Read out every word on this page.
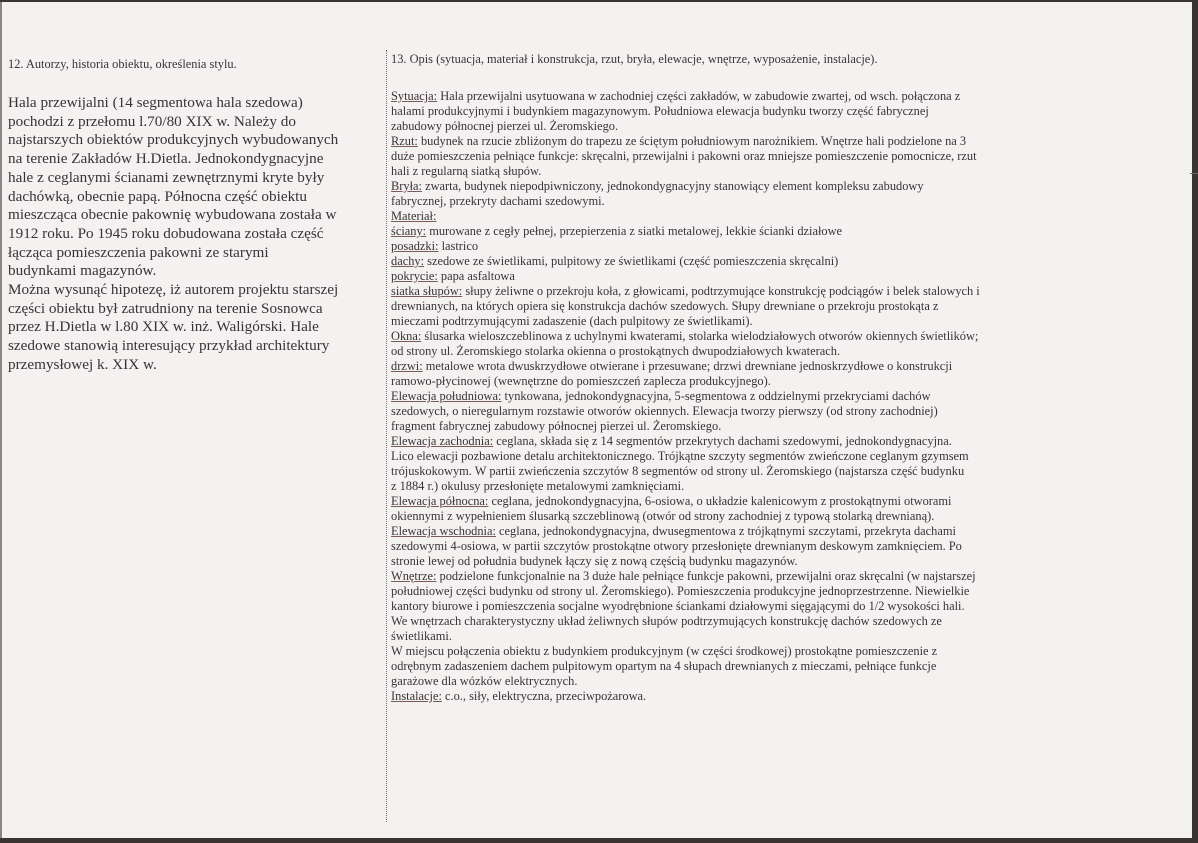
12. Autorzy, historia obiektu, określenia stylu.

Hala przewijalni (14 segmentowa hala szedowa)

pochodzi z przełomu l.70/80 XIX w. Należy do

najstarszych obiektów produkcyjnych wybudowanych

na terenie Zakładów H.Dietla. Jednokondygnacyjne

hale z ceglanymi ścianami zewnętrznymi kryte były

dachówką, obecnie papą. Północna część obiektu

mieszcząca obecnie pakownię wybudowana została w

1912 roku. Po 1945 roku dobudowana została część

łącząca pomieszczenia pakowni ze starymi

budynkami magazynów.

Można wysunąć hipotezę, iż autorem projektu starszej

części obiektu był zatrudniony na terenie Sosnowca

przez H.Dietla w l.80 XIX w. inż. Waligórski. Hale

szedowe stanowią interesujący przykład architektury

przemysłowej k. XIX w.

13. Opis (sytuacja, materiał i konstrukcja, rzut, bryła, elewacje, wnętrze, wyposażenie, instalacje).
Sytuacja: Hala przewijalni usytuowana w zachodniej części zakładów, w zabudowie zwartej, od wsch. połączona z
halami produkcyjnymi i budynkiem magazynowym. Południowa elewacja budynku tworzy część fabrycznej
zabudowy północnej pierzei ul. Żeromskiego.
Rzut: budynek na rzucie zbliżonym do trapezu ze ściętym południowym narożnikiem. Wnętrze hali podzielone na 3
duże pomieszczenia pełniące funkcje: skręcalni, przewijalni i pakowni oraz mniejsze pomieszczenie pomocnicze, rzut
hali z regularną siatką słupów.
Bryła: zwarta, budynek niepodpiwniczony, jednokondygnacyjny stanowiący element kompleksu zabudowy
fabrycznej, przekryty dachami szedowymi.
Materiał:
ściany: murowane z cegły pełnej, przepierzenia z siatki metalowej, lekkie ścianki działowe
posadzki: lastrico
dachy: szedowe ze świetlikami, pulpitowy ze świetlikami (część pomieszczenia skręcalni)
pokrycie: papa asfaltowa
siatka słupów: słupy żeliwne o przekroju koła, z głowicami, podtrzymujące konstrukcję podciągów i belek stalowych i
drewnianych, na których opiera się konstrukcja dachów szedowych. Słupy drewniane o przekroju prostokąta z
mieczami podtrzymującymi zadaszenie (dach pulpitowy ze świetlikami).
Okna: ślusarka wieloszczeblinowa z uchylnymi kwaterami, stolarka wielodziałowych otworów okiennych świetlików;
od strony ul. Żeromskiego stolarka okienna o prostokątnych dwupodziałowych kwaterach.
drzwi: metalowe wrota dwuskrzydłowe otwierane i przesuwane; drzwi drewniane jednoskrzydłowe o konstrukcji
ramowo-płycinowej (wewnętrzne do pomieszczeń zaplecza produkcyjnego).
Elewacja południowa: tynkowana, jednokondygnacyjna, 5-segmentowa z oddzielnymi przekryciami dachów
szedowych, o nieregularnym rozstawie otworów okiennych. Elewacja tworzy pierwszy (od strony zachodniej)
fragment fabrycznej zabudowy północnej pierzei ul. Żeromskiego.
Elewacja zachodnia: ceglana, składa się z 14 segmentów przekrytych dachami szedowymi, jednokondygnacyjna.
Lico elewacji pozbawione detalu architektonicznego. Trójkątne szczyty segmentów zwieńczone ceglanym gzymsem
trójuskokowym. W partii zwieńczenia szczytów 8 segmentów od strony ul. Żeromskiego (najstarsza część budynku
z 1884 r.) okulusy przesłonięte metalowymi zamknięciami.
Elewacja północna: ceglana, jednokondygnacyjna, 6-osiowa, o układzie kalenicowym z prostokątnymi otworami
okiennymi z wypełnieniem ślusarką szczeblinową (otwór od strony zachodniej z typową stolarką drewnianą).
Elewacja wschodnia: ceglana, jednokondygnacyjna, dwusegmentowa z trójkątnymi szczytami, przekryta dachami
szedowymi 4-osiowa, w partii szczytów prostokątne otwory przesłonięte drewnianym deskowym zamknięciem. Po
stronie lewej od południa budynek łączy się z nową częścią budynku magazynów.
Wnętrze: podzielone funkcjonalnie na 3 duże hale pełniące funkcje pakowni, przewijalni oraz skręcalni (w najstarszej
południowej części budynku od strony ul. Żeromskiego). Pomieszczenia produkcyjne jednoprzestrzenne. Niewielkie
kantory biurowe i pomieszczenia socjalne wyodrębnione ściankami działowymi sięgającymi do 1/2 wysokości hali.
We wnętrzach charakterystyczny układ żeliwnych słupów podtrzymujących konstrukcję dachów szedowych ze
świetlikami.
W miejscu połączenia obiektu z budynkiem produkcyjnym (w części środkowej) prostokątne pomieszczenie z
odrębnym zadaszeniem dachem pulpitowym opartym na 4 słupach drewnianych z mieczami, pełniące funkcje
garażowe dla wózków elektrycznych.
Instalacje: c.o., siły, elektryczna, przeciwpożarowa.
